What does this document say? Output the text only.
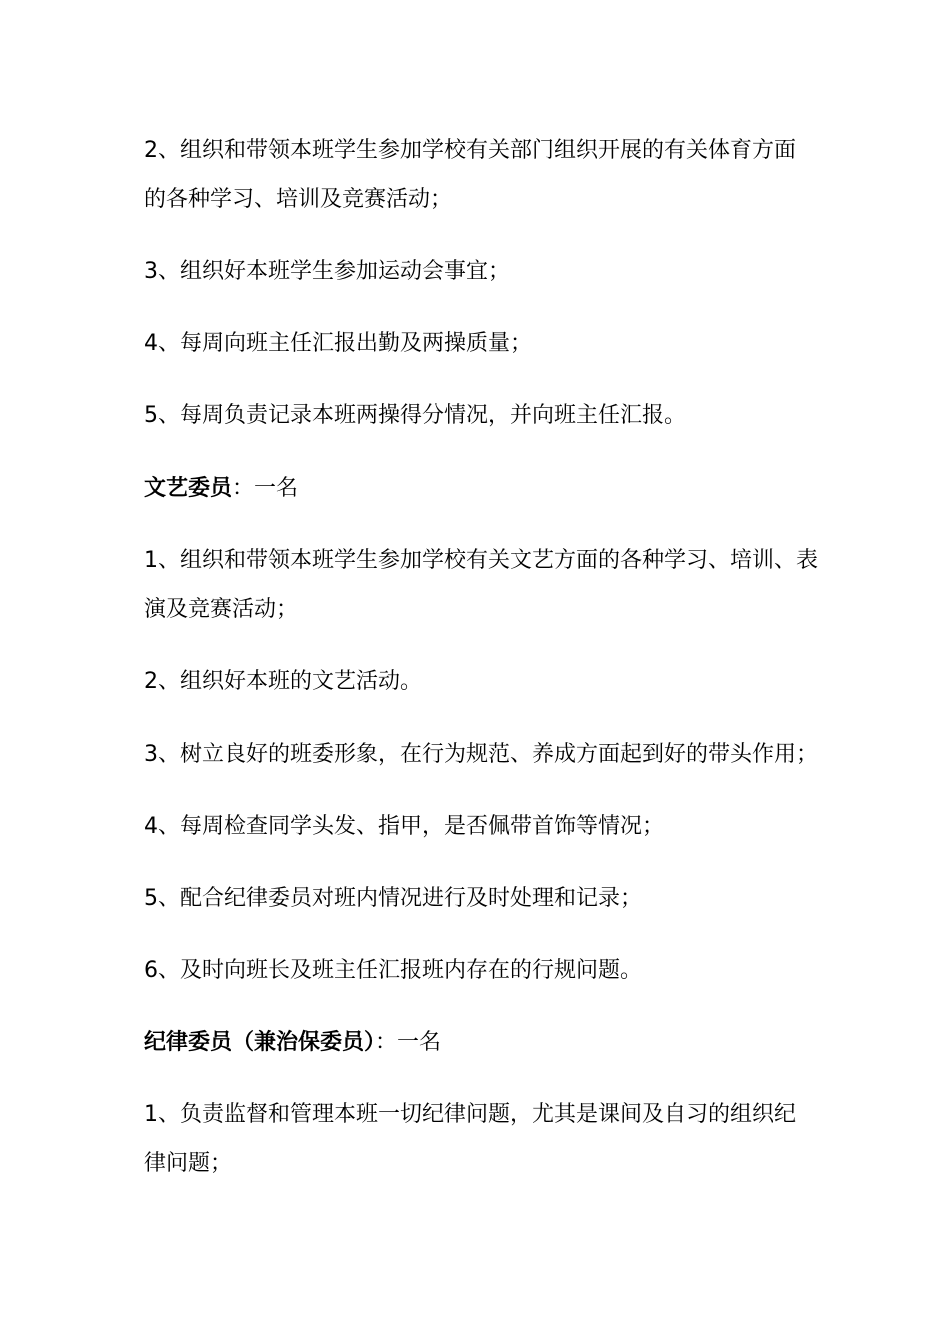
2、组织和带领本班学生参加学校有关部门组织开展的有关体育方面
的各种学习、培训及竞赛活动；
3、组织好本班学生参加运动会事宜；
4、每周向班主任汇报出勤及两操质量；
5、每周负责记录本班两操得分情况，并向班主任汇报。
文艺委员：一名
1、组织和带领本班学生参加学校有关文艺方面的各种学习、培训、表
演及竞赛活动；
2、组织好本班的文艺活动。
3、树立良好的班委形象，在行为规范、养成方面起到好的带头作用；
4、每周检查同学头发、指甲，是否佩带首饰等情况；
5、配合纪律委员对班内情况进行及时处理和记录；
6、及时向班长及班主任汇报班内存在的行规问题。
纪律委员（兼治保委员）：一名
1、负责监督和管理本班一切纪律问题，尤其是课间及自习的组织纪
律问题；
